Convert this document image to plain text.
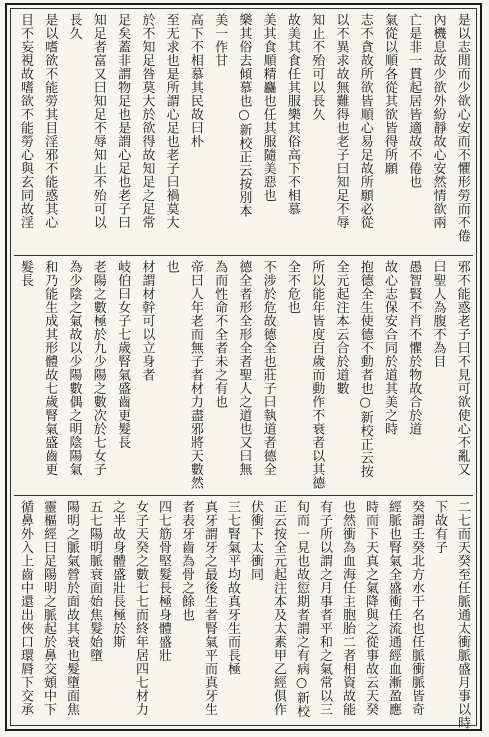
是以志閒而少欲心安而不懼形勞而不倦
內機息故少欲外紛靜故心安然情欲兩
亡是非一貫起居皆適故不倦也
氣從以順各從其欲皆得所願
志不貪故所欲皆順心易足故所願必從
以不異求故無難得也老子曰知足不辱
知止不殆可以長久
故美其食任其服樂其俗高下不相慕
美其食順精麤也任其服隨美惡也
樂其俗去傾慕也○新校正云按別本
美一作甘
高下不相慕其民故曰朴
至无求也是所謂心足也老子曰禍莫大
於不知足咎莫大於欲得故知足之足常
足矣蓋非謂物足也是謂心足也老子曰
知足者富又曰知足不辱知止不殆可以
長久
是以嗜欲不能勞其目淫邪不能惑其心
目不妄視故嗜欲不能勞心與玄同故淫
邪不能惑老子曰不見可欲使心不亂又
曰聖人為腹不為目
愚智賢不肖不懼於物故合於道
故心志保安合同於道其美之時
抱德全生使德不動者也○新校正云按
全元起注本云合於道數
所以能年皆度百歲而動作不衰者以其德
全不危也
不涉於危故德全也莊子曰執道者德全
德全者形全形全者聖人之道也又曰無
為而性命不全者未之有也
帝曰人年老而無子者材力盡邪將天數然
也
材謂材幹可以立身者
岐伯曰女子七歲腎氣盛齒更髮長
老陽之數極於九少陽之數次於七女子
為少陰之氣故以少陽數偶之明陰陽氣
和乃能生成其形體故七歲腎氣盛齒更
髮長
二七而天癸至任脈通太衝脈盛月事以時
下故有子
癸謂壬癸北方水干名也任脈衝脈皆奇
經脈也腎氣全盛衝任流通經血漸盈應
時而下天真之氣降與之從事故云天癸
也然衝為血海任主胞胎二者相資故能
有子所以謂之月事者平和之氣常以三
旬而一見也故愆期者謂之有病○新校
正云按全元起注本及太素甲乙經俱作
伏衝下太衝同
三七腎氣平均故真牙生而長極
真牙謂牙之最後生者腎氣平而真牙生
者表牙齒為骨之餘也
四七筋骨堅髮長極身體盛壯
女子天癸之數七七而終年居四七材力
之半故身體盛壯長極於斯
五七陽明脈衰面始焦髮始墮
陽明之脈氣營於面故其衰也髮墮面焦
靈樞經曰足陽明之脈起於鼻交頞中下
循鼻外入上齒中還出俠口環脣下交承
